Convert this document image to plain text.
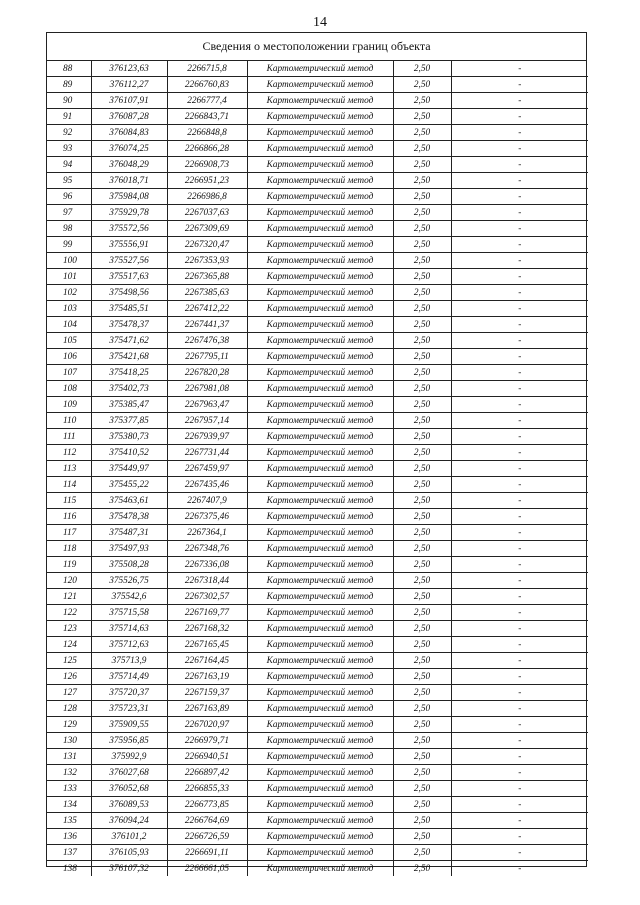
14
Сведения о местоположении границ объекта
88	376123,63	2266715,8	Картометрический метод	2,50	-
89	376112,27	2266760,83	Картометрический метод	2,50	-
90	376107,91	2266777,4	Картометрический метод	2,50	-
91	376087,28	2266843,71	Картометрический метод	2,50	-
92	376084,83	2266848,8	Картометрический метод	2,50	-
93	376074,25	2266866,28	Картометрический метод	2,50	-
94	376048,29	2266908,73	Картометрический метод	2,50	-
95	376018,71	2266951,23	Картометрический метод	2,50	-
96	375984,08	2266986,8	Картометрический метод	2,50	-
97	375929,78	2267037,63	Картометрический метод	2,50	-
98	375572,56	2267309,69	Картометрический метод	2,50	-
99	375556,91	2267320,47	Картометрический метод	2,50	-
100	375527,56	2267353,93	Картометрический метод	2,50	-
101	375517,63	2267365,88	Картометрический метод	2,50	-
102	375498,56	2267385,63	Картометрический метод	2,50	-
103	375485,51	2267412,22	Картометрический метод	2,50	-
104	375478,37	2267441,37	Картометрический метод	2,50	-
105	375471,62	2267476,38	Картометрический метод	2,50	-
106	375421,68	2267795,11	Картометрический метод	2,50	-
107	375418,25	2267820,28	Картометрический метод	2,50	-
108	375402,73	2267981,08	Картометрический метод	2,50	-
109	375385,47	2267963,47	Картометрический метод	2,50	-
110	375377,85	2267957,14	Картометрический метод	2,50	-
111	375380,73	2267939,97	Картометрический метод	2,50	-
112	375410,52	2267731,44	Картометрический метод	2,50	-
113	375449,97	2267459,97	Картометрический метод	2,50	-
114	375455,22	2267435,46	Картометрический метод	2,50	-
115	375463,61	2267407,9	Картометрический метод	2,50	-
116	375478,38	2267375,46	Картометрический метод	2,50	-
117	375487,31	2267364,1	Картометрический метод	2,50	-
118	375497,93	2267348,76	Картометрический метод	2,50	-
119	375508,28	2267336,08	Картометрический метод	2,50	-
120	375526,75	2267318,44	Картометрический метод	2,50	-
121	375542,6	2267302,57	Картометрический метод	2,50	-
122	375715,58	2267169,77	Картометрический метод	2,50	-
123	375714,63	2267168,32	Картометрический метод	2,50	-
124	375712,63	2267165,45	Картометрический метод	2,50	-
125	375713,9	2267164,45	Картометрический метод	2,50	-
126	375714,49	2267163,19	Картометрический метод	2,50	-
127	375720,37	2267159,37	Картометрический метод	2,50	-
128	375723,31	2267163,89	Картометрический метод	2,50	-
129	375909,55	2267020,97	Картометрический метод	2,50	-
130	375956,85	2266979,71	Картометрический метод	2,50	-
131	375992,9	2266940,51	Картометрический метод	2,50	-
132	376027,68	2266897,42	Картометрический метод	2,50	-
133	376052,68	2266855,33	Картометрический метод	2,50	-
134	376089,53	2266773,85	Картометрический метод	2,50	-
135	376094,24	2266764,69	Картометрический метод	2,50	-
136	376101,2	2266726,59	Картометрический метод	2,50	-
137	376105,93	2266691,11	Картометрический метод	2,50	-
138	376107,32	2266661,05	Картометрический метод	2,50	-
